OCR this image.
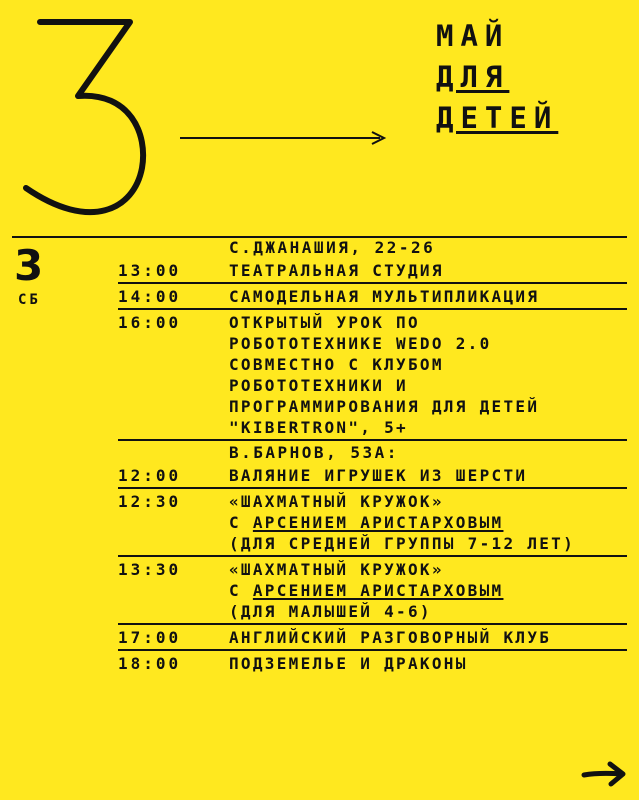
МАЙ
ДЛЯ
ДЕТЕЙ
3
СБ
С.ДЖАНАШИЯ, 22-26
13:00	ТЕАТРАЛЬНАЯ СТУДИЯ
14:00	САМОДЕЛЬНАЯ МУЛЬТИПЛИКАЦИЯ
16:00	ОТКРЫТЫЙ УРОК ПО
РОБОТОТЕХНИКЕ WEDO 2.0
СОВМЕСТНО С КЛУБОМ
РОБОТОТЕХНИКИ И
ПРОГРАММИРОВАНИЯ ДЛЯ ДЕТЕЙ
"KIBERTRON", 5+
В.БАРНОВ, 53А:
12:00	ВАЛЯНИЕ ИГРУШЕК ИЗ ШЕРСТИ
12:30	«ШАХМАТНЫЙ КРУЖОК»
С АРСЕНИЕМ АРИСТАРХОВЫМ
(ДЛЯ СРЕДНЕЙ ГРУППЫ 7-12 ЛЕТ)
13:30	«ШАХМАТНЫЙ КРУЖОК»
С АРСЕНИЕМ АРИСТАРХОВЫМ
(ДЛЯ МАЛЫШЕЙ 4-6)
17:00	АНГЛИЙСКИЙ РАЗГОВОРНЫЙ КЛУБ
18:00	ПОДЗЕМЕЛЬЕ И ДРАКОНЫ
